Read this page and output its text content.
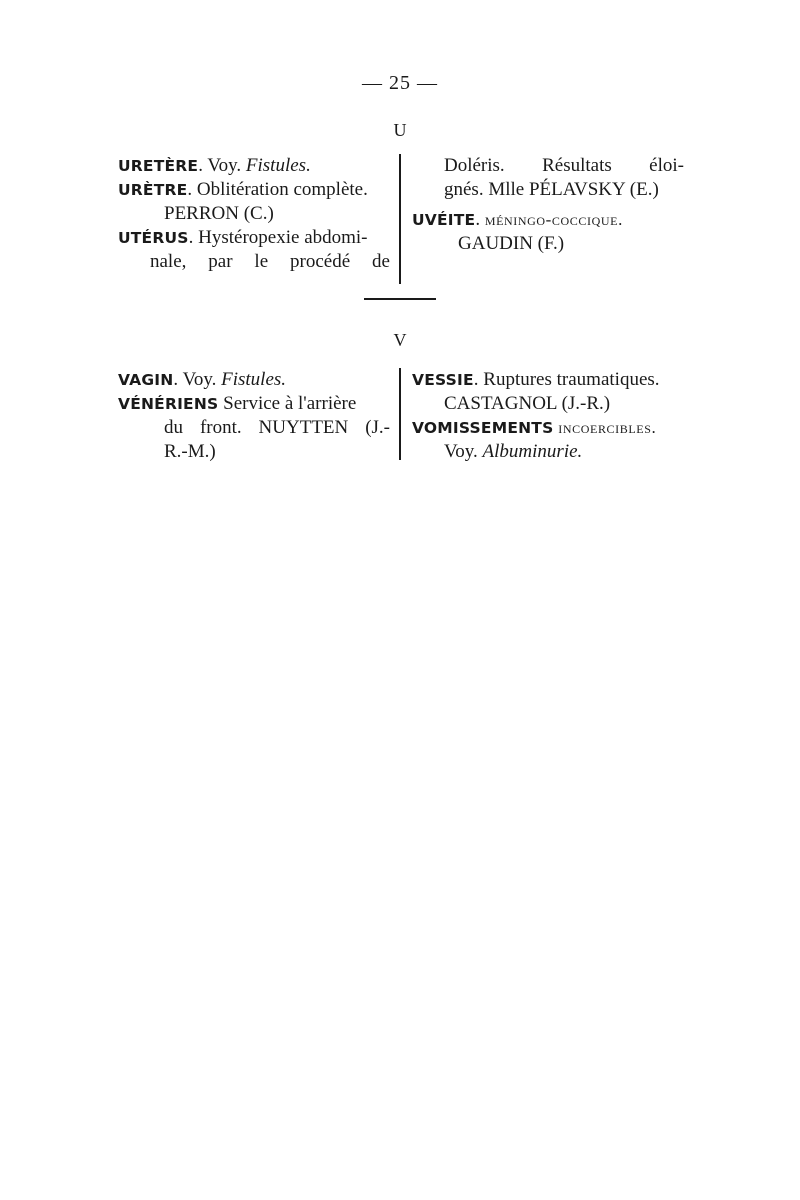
— 25 —
U

URETÈRE. Voy. Fistules.

URÈTRE. Oblitération complète.
PERRON (C.)

UTÉRUS. Hystéropexie abdomi-
nale, par le procédé de

Doléris. Résultats éloi-
gnés. Mlle PÉLAVSKY (E.)

UVÉITE. méningo-coccique.
GAUDIN (F.)

V

VAGIN. Voy. Fistules.

VÉNÉRIENS Service à l'arrière
du front. NUYTTEN (J.-
R.-M.)

VESSIE. Ruptures traumatiques.
CASTAGNOL (J.-R.)

VOMISSEMENTS incoercibles.
Voy. Albuminurie.
